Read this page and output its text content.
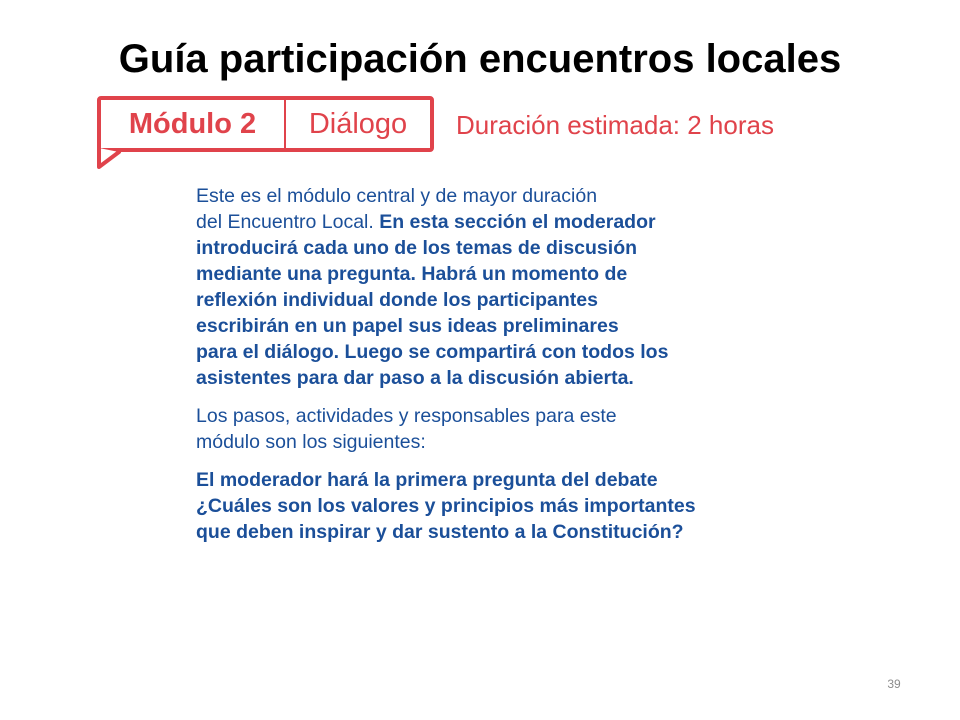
Guía participación encuentros locales
Módulo 2	Diálogo	Duración estimada: 2 horas

Este es el módulo central y de mayor duración
del Encuentro Local. En esta sección el moderador
introducirá cada uno de los temas de discusión
mediante una pregunta. Habrá un momento de
reflexión individual donde los participantes
escribirán en un papel sus ideas preliminares
para el diálogo. Luego se compartirá con todos los
asistentes para dar paso a la discusión abierta.

Los pasos, actividades y responsables para este
módulo son los siguientes:

El moderador hará la primera pregunta del debate
¿Cuáles son los valores y principios más importantes
que deben inspirar y dar sustento a la Constitución?

39
